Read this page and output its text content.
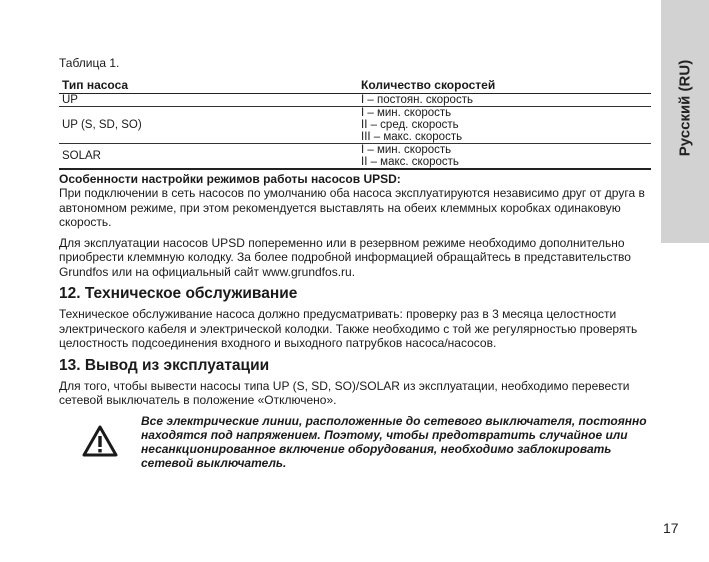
Русский (RU)
Таблица 1.
Тип насоса	Количество скоростей
UP	I – постоян. скорость

UP (S, SD, SO)	I – мин. скорость
II – сред. скорость
III – макс. скорость

SOLAR	I – мин. скорость
II – макс. скорость
Особенности настройки режимов работы насосов UPSD:

При подключении в сеть насосов по умолчанию оба насоса эксплуатируются независимо друг от друга в автономном режиме, при этом рекомендуется выставлять на обеих клеммных коробках одинаковую скорость.

Для эксплуатации насосов UPSD попеременно или в резервном режиме необходимо дополнительно приобрести клеммную колодку. За более подробной информацией обращайтесь в представительство Grundfos или на официальный сайт www.grundfos.ru.

12. Техническое обслуживание

Техническое обслуживание насоса должно предусматривать: проверку раз в 3 месяца целостности электрического кабеля и электрической колодки. Также необходимо с той же регулярностью проверять целостность подсоединения входного и выходного патрубков насоса/насосов.

13. Вывод из эксплуатации

Для того, чтобы вывести насосы типа UP (S, SD, SO)/SOLAR из эксплуатации, необходимо перевести сетевой выключатель в положение «Отключено».

Все электрические линии, расположенные до сетевого выключателя, постоянно находятся под напряжением. Поэтому, чтобы предотвратить случайное или несанкционированное включение оборудования, необходимо заблокировать сетевой выключатель.
17
